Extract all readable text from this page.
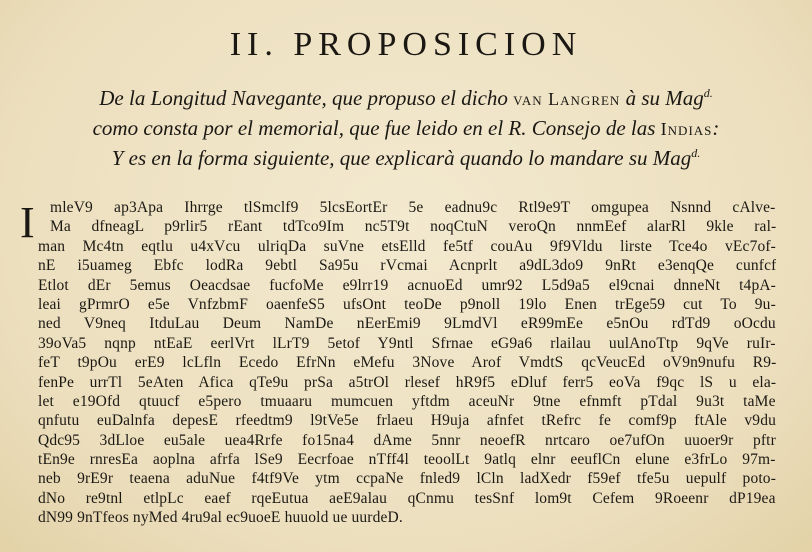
II. PROPOSICION
De la Longitud Navegante, que propuso el dicho van Langren à su Mag$^{d.}$
como consta por el memorial, que fue leido en el R. Consejo de las Indias:
Y es en la forma siguiente, que explicarà quando lo mandare su Mag$^{d.}$
I mleV9 ap3Apa Ihrrge tlSmclf9 5lcsEortEr 5e eadnu9c Rtl9e9T omgupea Nsnnd cAlve-
Ma dfneagL p9rlir5 rEant tdTco9Im nc5T9t noqCtuN veroQn nnmEef alarRl 9kle ral-
man Mc4tn eqtlu u4xVcu ulriqDa suVne etsElld fe5tf couAu 9f9Vldu lirste Tce4o vEc7of-
nE i5uameg Ebfc lodRa 9ebtl Sa95u rVcmai Acnprlt a9dL3do9 9nRt e3enqQe cunfcf
Etlot dEr 5emus Oeacdsae fucfoMe e9lrr19 acnuoEd umr92 L5d9a5 el9cnai dnneNt t4pA-
leai gPrmrO e5e VnfzbmF oaenfeS5 ufsOnt teoDe p9noll 19lo Enen trEge59 cut To 9u-
ned V9neq ItduLau Deum NamDe nEerEmi9 9LmdVl eR99mEe e5nOu rdTd9 oOcdu
39oVa5 nqnp ntEaE eerlVrt lLrT9 5etof Y9ntl Sfrnae eG9a6 rlailau uulAnoTtp 9qVe ruIr-
feT t9pOu erE9 lcLfln Ecedo EfrNn eMefu 3Nove Arof VmdtS qcVeucEd oV9n9nufu R9-
fenPe urrTl 5eAten Afica qTe9u prSa a5trOl rlesef hR9f5 eDluf ferr5 eoVa f9qc lS u ela-
let e19Ofd qtuucf e5pero tmuaaru mumcuen yftdm aceuNr 9tne efnmft pTdal 9u3t taMe
qnfutu euDalnfa depesE rfeedtm9 l9tVe5e frlaeu H9uja afnfet tRefrc fe comf9p ftAle v9du
Qdc95 3dLloe eu5ale uea4Rrfe fo15na4 dAme 5nnr neoefR nrtcaro oe7ufOn uuoer9r pftr
tEn9e rnresEa aoplna afrfa lSe9 Eecrfoae nTff4l teoolLt 9atlq elnr eeuflCn elune e3frLo 97m-
neb 9rE9r teaena aduNue f4tf9Ve ytm ccpaNe fnled9 lCln ladXedr f59ef tfe5u uepulf poto-
dNo re9tnl etlpLc eaef rqeEutua aeE9alau qCnmu tesSnf lom9t Cefem 9Roeenr dP19ea
dN99 9nTfeos nyMed 4ru9al ec9uoeE huuold ue uurdeD.
